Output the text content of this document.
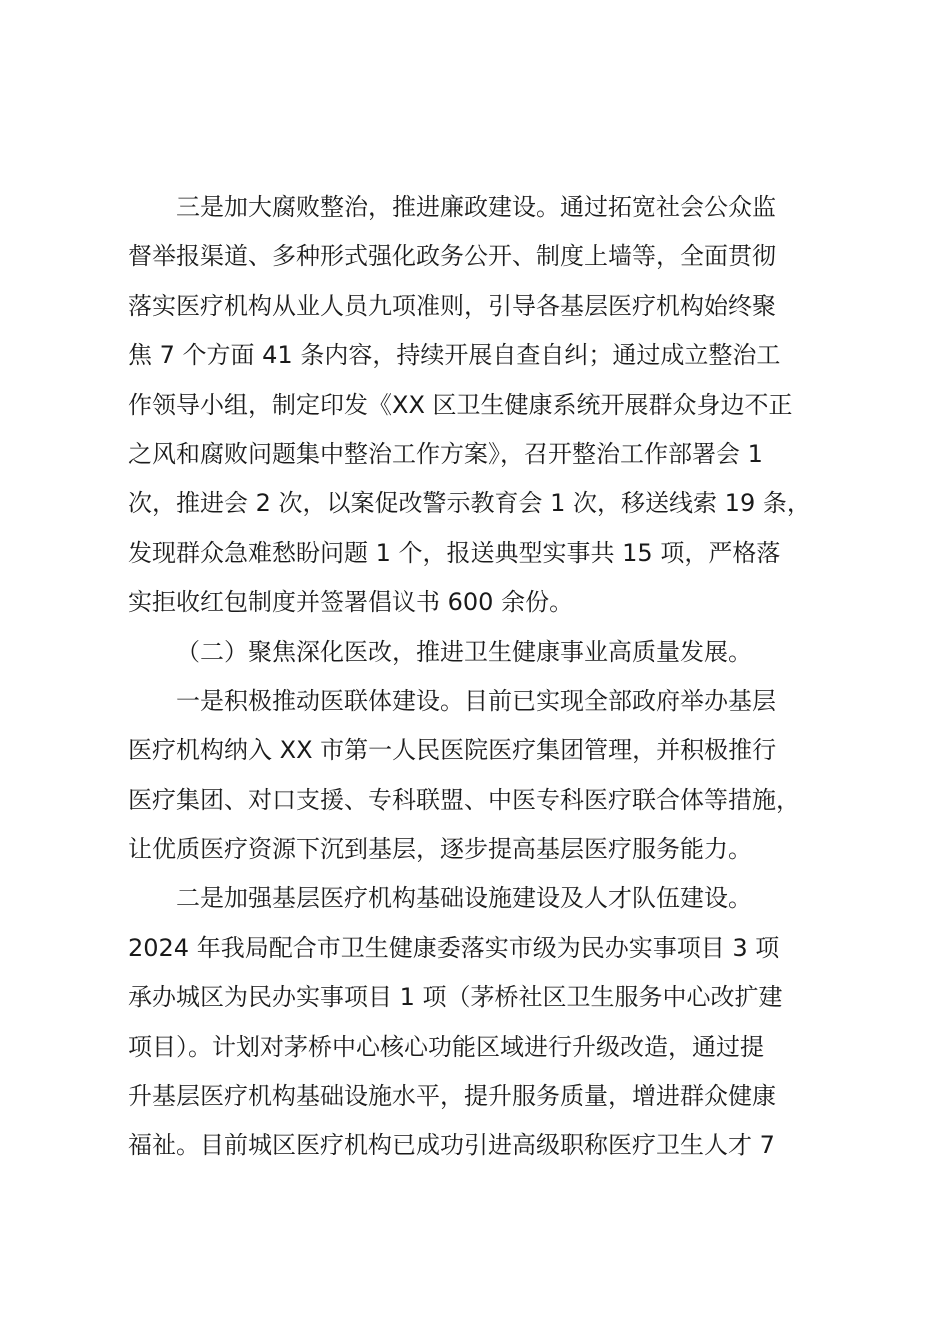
三是加大腐败整治，推进廉政建设。通过拓宽社会公众监
督举报渠道、多种形式强化政务公开、制度上墙等，全面贯彻
落实医疗机构从业人员九项准则，引导各基层医疗机构始终聚
焦 7 个方面 41 条内容，持续开展自查自纠；通过成立整治工
作领导小组，制定印发《XX 区卫生健康系统开展群众身边不正
之风和腐败问题集中整治工作方案》，召开整治工作部署会 1
次，推进会 2 次，以案促改警示教育会 1 次，移送线索 19 条，
发现群众急难愁盼问题 1 个，报送典型实事共 15 项，严格落
实拒收红包制度并签署倡议书 600 余份。
（二）聚焦深化医改，推进卫生健康事业高质量发展。
一是积极推动医联体建设。目前已实现全部政府举办基层
医疗机构纳入 XX 市第一人民医院医疗集团管理，并积极推行
医疗集团、对口支援、专科联盟、中医专科医疗联合体等措施，
让优质医疗资源下沉到基层，逐步提高基层医疗服务能力。
二是加强基层医疗机构基础设施建设及人才队伍建设。
2024 年我局配合市卫生健康委落实市级为民办实事项目 3 项
承办城区为民办实事项目 1 项（茅桥社区卫生服务中心改扩建
项目）。计划对茅桥中心核心功能区域进行升级改造，通过提
升基层医疗机构基础设施水平，提升服务质量，增进群众健康
福祉。目前城区医疗机构已成功引进高级职称医疗卫生人才 7
